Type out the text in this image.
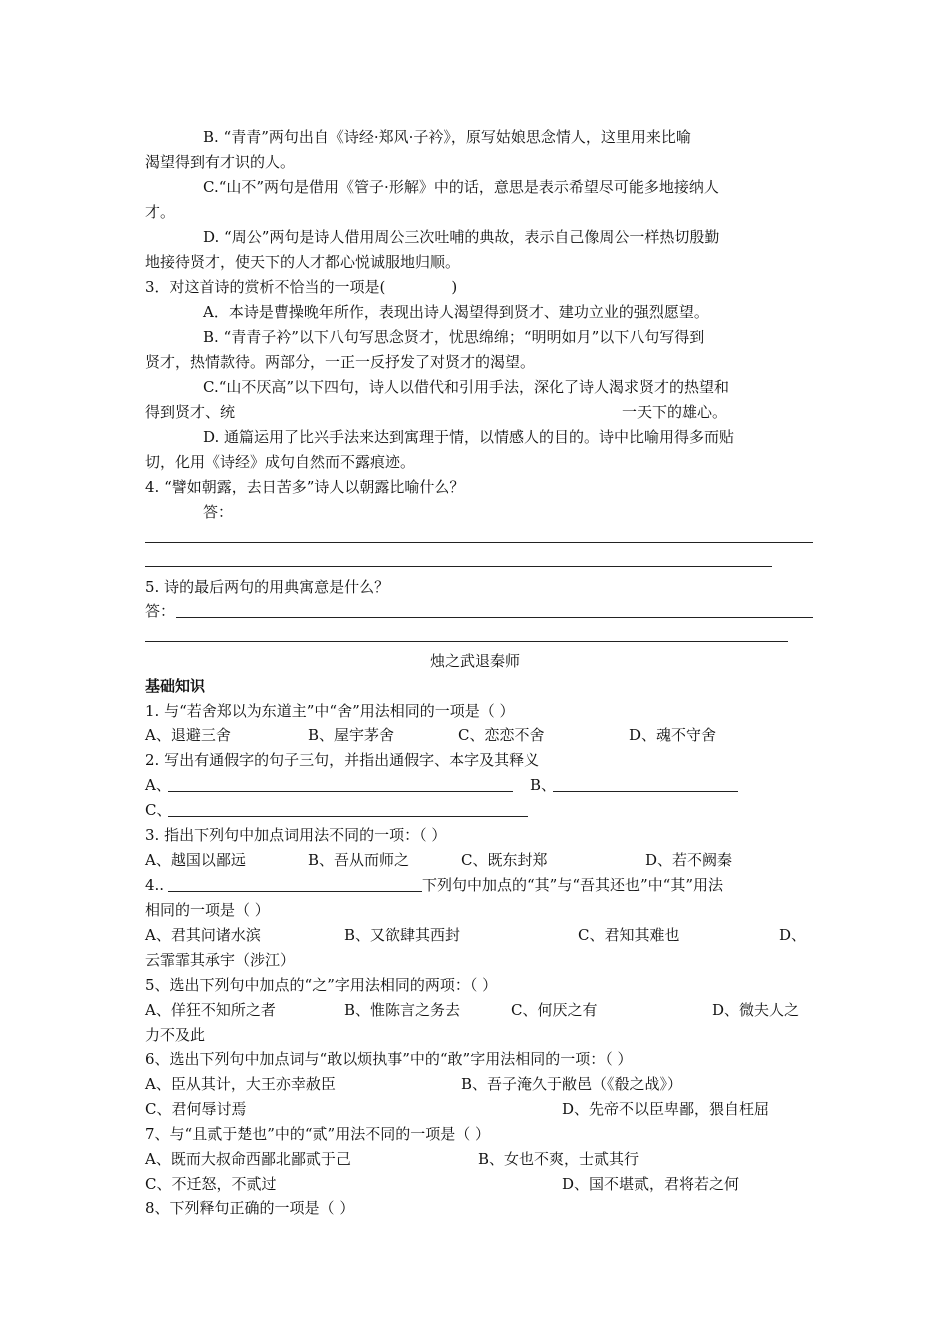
B. “青青”两句出自《诗经·郑风·子衿》，原写姑娘思念情人，这里用来比喻
渴望得到有才识的人。
C.“山不”两句是借用《管子·形解》中的话，意思是表示希望尽可能多地接纳人
才。
D. “周公”两句是诗人借用周公三次吐哺的典故，表示自己像周公一样热切殷勤
地接待贤才，使天下的人才都心悦诚服地归顺。
3．对这首诗的赏析不恰当的一项是(	)
A．本诗是曹操晚年所作，表现出诗人渴望得到贤才、建功立业的强烈愿望。
B. “青青子衿”以下八句写思念贤才，忧思绵绵；“明明如月”以下八句写得到
贤才，热情款待。两部分，一正一反抒发了对贤才的渴望。
C.“山不厌高”以下四句，诗人以借代和引用手法，深化了诗人渴求贤才的热望和
得到贤才、统	一天下的雄心。
D. 通篇运用了比兴手法来达到寓理于情，以情感人的目的。诗中比喻用得多而贴
切，化用《诗经》成句自然而不露痕迹。
4. “譬如朝露，去日苦多”诗人以朝露比喻什么？
答：
5. 诗的最后两句的用典寓意是什么？
答：
烛之武退秦师
基础知识
1. 与“若舍郑以为东道主”中“舍”用法相同的一项是（ ）
A、退避三舍	B、屋宇茅舍	C、恋恋不舍	D、魂不守舍
2. 写出有通假字的句子三句，并指出通假字、本字及其释义
A、	B、
C、
3. 指出下列句中加点词用法不同的一项：（ ）
A、越国以鄙远	B、吾从而师之	C、既东封郑	D、若不阙秦
4..	下列句中加点的“其”与“吾其还也”中“其”用法
相同的一项是（ ）
A、君其问诸水滨	B、又欲肆其西封	C、君知其难也	D、
云霏霏其承宇（涉江）
5、选出下列句中加点的“之”字用法相同的两项：（ ）
A、佯狂不知所之者	B、惟陈言之务去	C、何厌之有	D、微夫人之
力不及此
6、选出下列句中加点词与“敢以烦执事”中的“敢”字用法相同的一项：（ ）
A、臣从其计，大王亦幸赦臣	B、吾子淹久于敝邑（《殽之战》）
C、君何辱讨焉	D、先帝不以臣卑鄙，猥自枉屈
7、与“且贰于楚也”中的“贰”用法不同的一项是（ ）
A、既而大叔命西鄙北鄙贰于己	B、女也不爽，士贰其行
C、不迁怒，不贰过	D、国不堪贰，君将若之何
8、下列释句正确的一项是（ ）
